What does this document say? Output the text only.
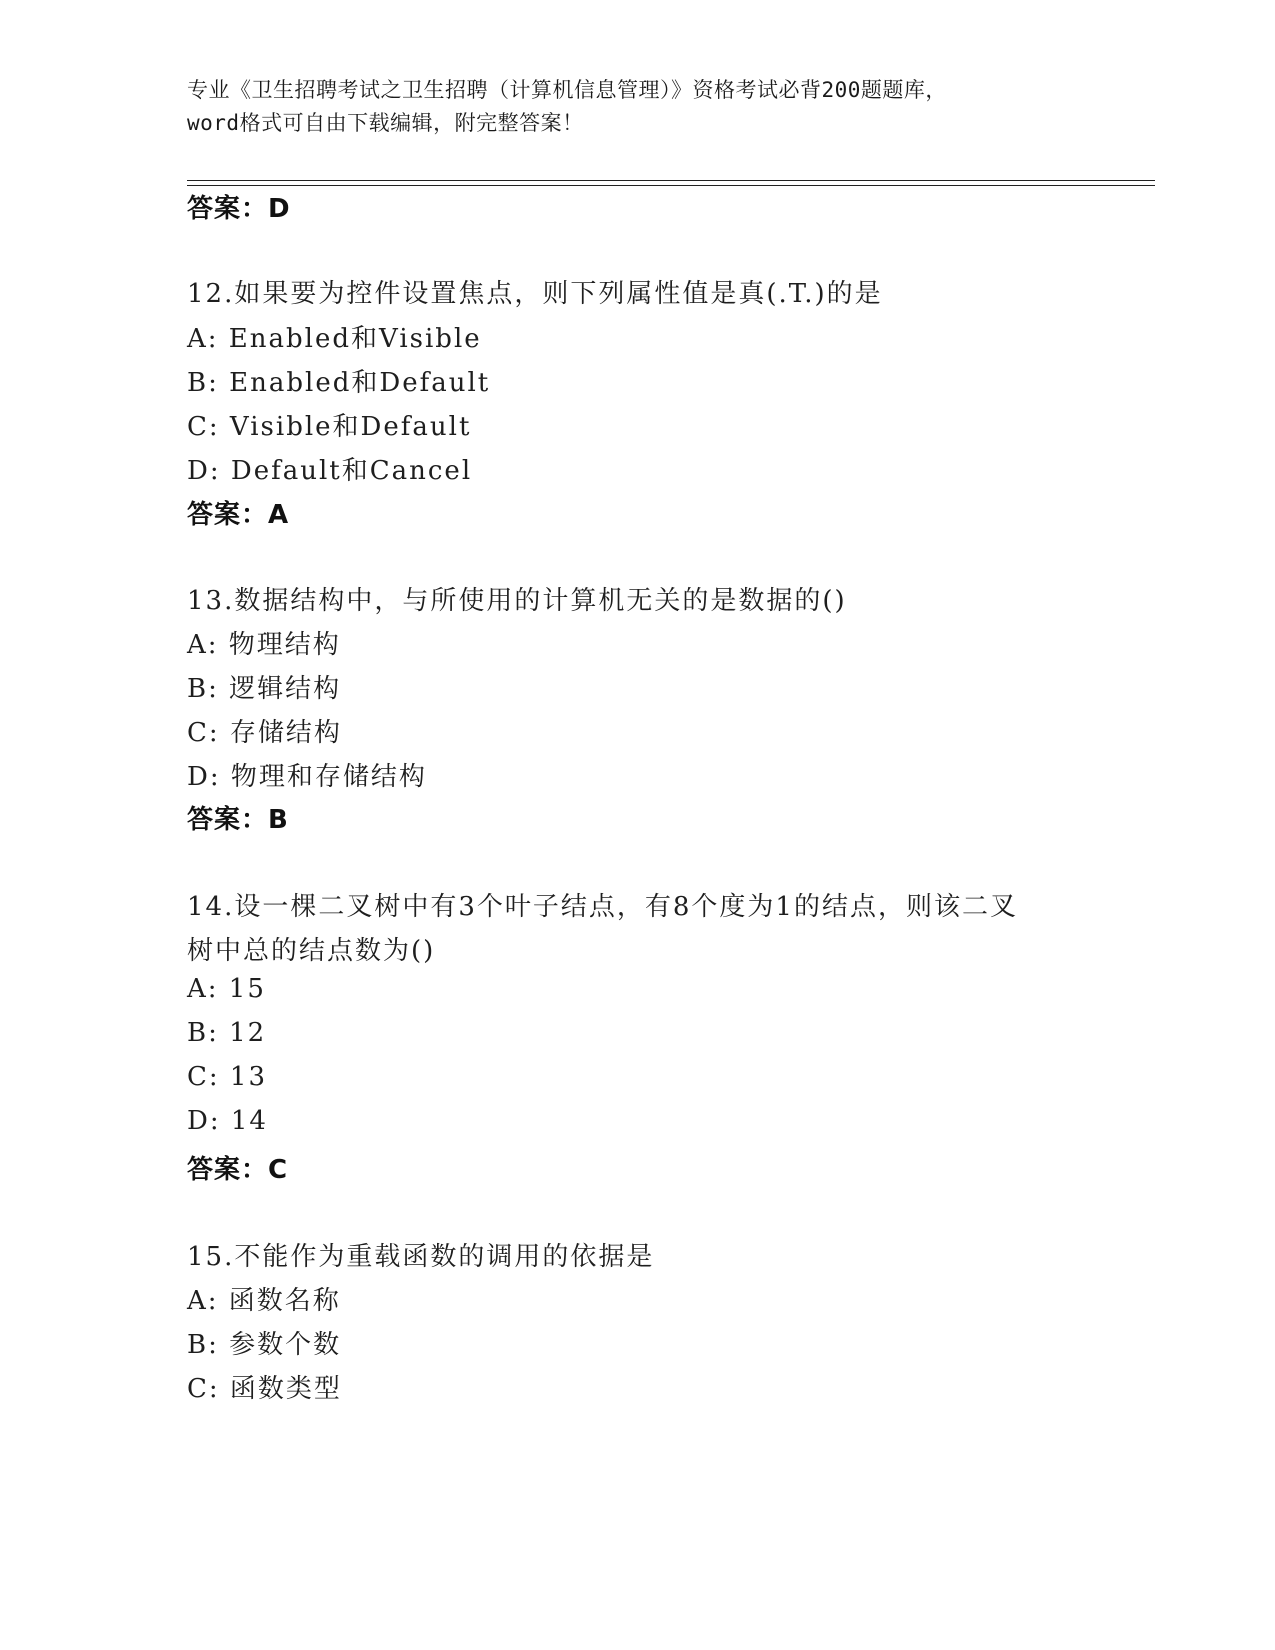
专业《卫生招聘考试之卫生招聘（计算机信息管理）》资格考试必背200题题库，
word格式可自由下载编辑，附完整答案！
答案：D
12.如果要为控件设置焦点，则下列属性值是真(.T.)的是
A: Enabled和Visible
B: Enabled和Default
C: Visible和Default
D: Default和Cancel
答案：A
13.数据结构中，与所使用的计算机无关的是数据的()
A: 物理结构
B: 逻辑结构
C: 存储结构
D: 物理和存储结构
答案：B
14.设一棵二叉树中有3个叶子结点，有8个度为1的结点，则该二叉
树中总的结点数为()
A: 15
B: 12
C: 13
D: 14
答案：C
15.不能作为重载函数的调用的依据是
A: 函数名称
B: 参数个数
C: 函数类型
